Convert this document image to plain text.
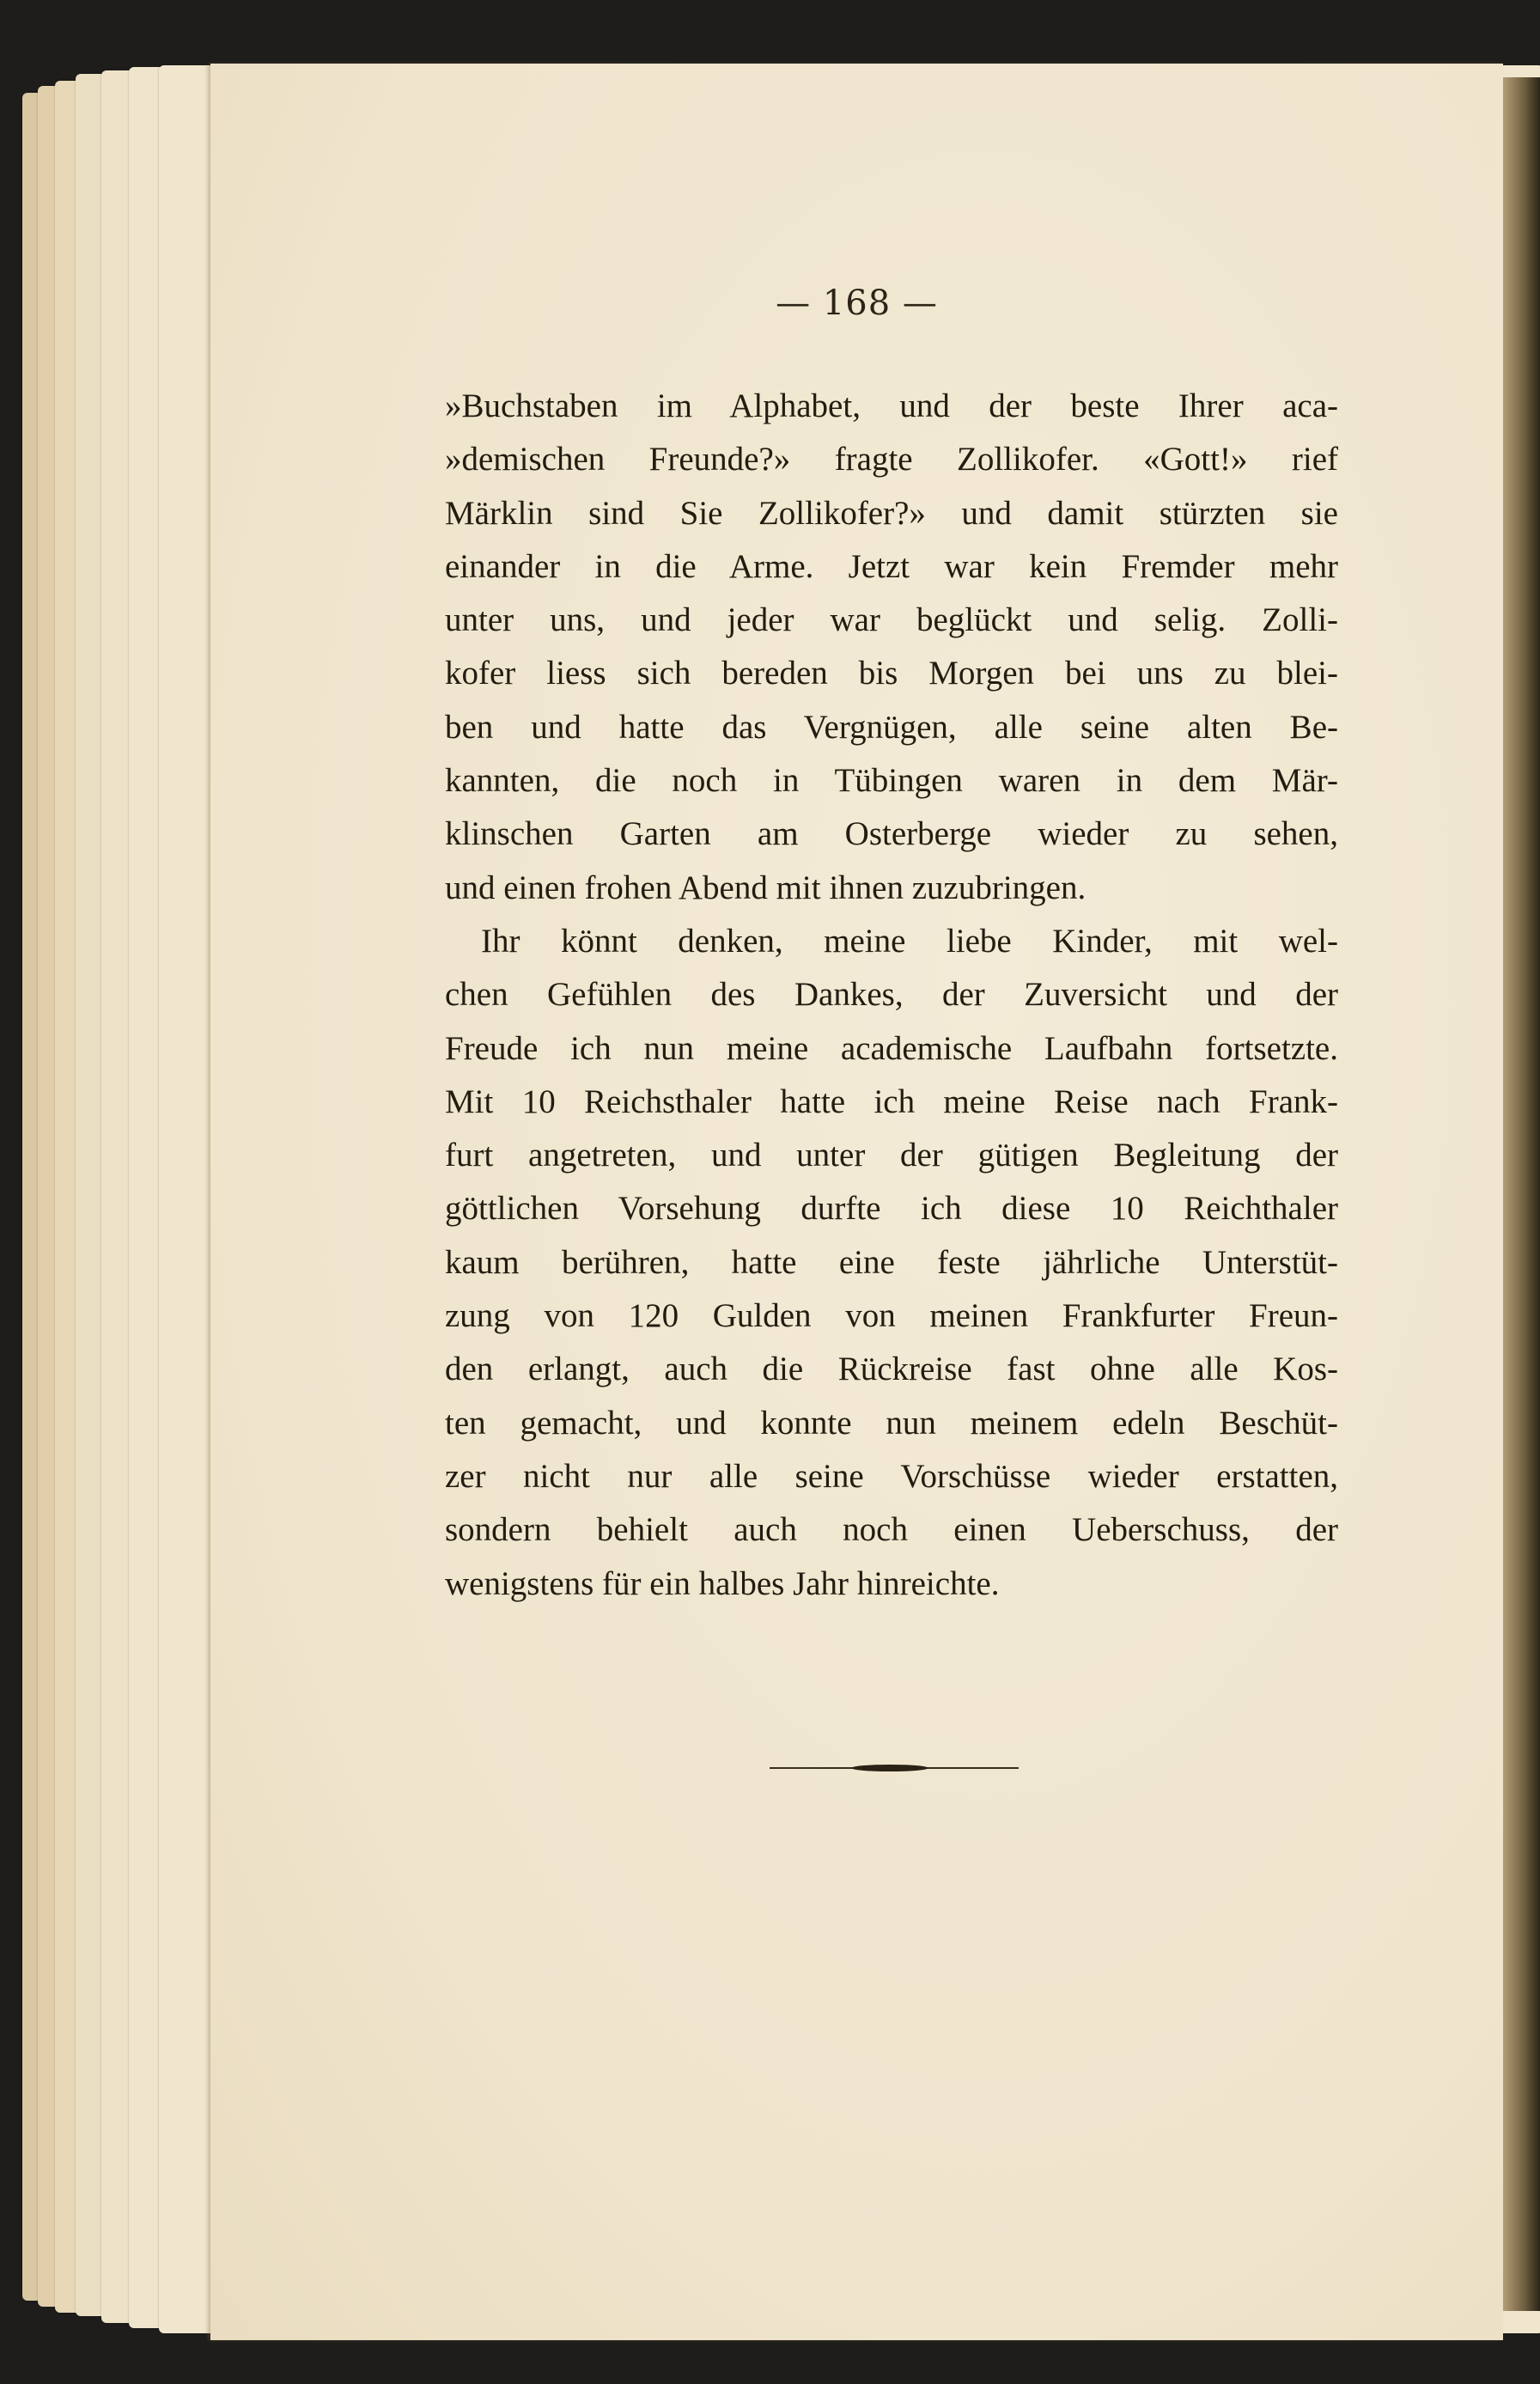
— 168 —
»Buchstaben im Alphabet, und der beste Ihrer aca-
»demischen Freunde?» fragte Zollikofer. «Gott!» rief
Märklin sind Sie Zollikofer?» und damit stürzten sie
einander in die Arme. Jetzt war kein Fremder mehr
unter uns, und jeder war beglückt und selig. Zolli-
kofer liess sich bereden bis Morgen bei uns zu blei-
ben und hatte das Vergnügen, alle seine alten Be-
kannten, die noch in Tübingen waren in dem Mär-
klinschen Garten am Osterberge wieder zu sehen,
und einen frohen Abend mit ihnen zuzubringen.
Ihr könnt denken, meine liebe Kinder, mit wel-
chen Gefühlen des Dankes, der Zuversicht und der
Freude ich nun meine academische Laufbahn fortsetzte.
Mit 10 Reichsthaler hatte ich meine Reise nach Frank-
furt angetreten, und unter der gütigen Begleitung der
göttlichen Vorsehung durfte ich diese 10 Reichthaler
kaum berühren, hatte eine feste jährliche Unterstüt-
zung von 120 Gulden von meinen Frankfurter Freun-
den erlangt, auch die Rückreise fast ohne alle Kos-
ten gemacht, und konnte nun meinem edeln Beschüt-
zer nicht nur alle seine Vorschüsse wieder erstatten,
sondern behielt auch noch einen Ueberschuss, der
wenigstens für ein halbes Jahr hinreichte.
